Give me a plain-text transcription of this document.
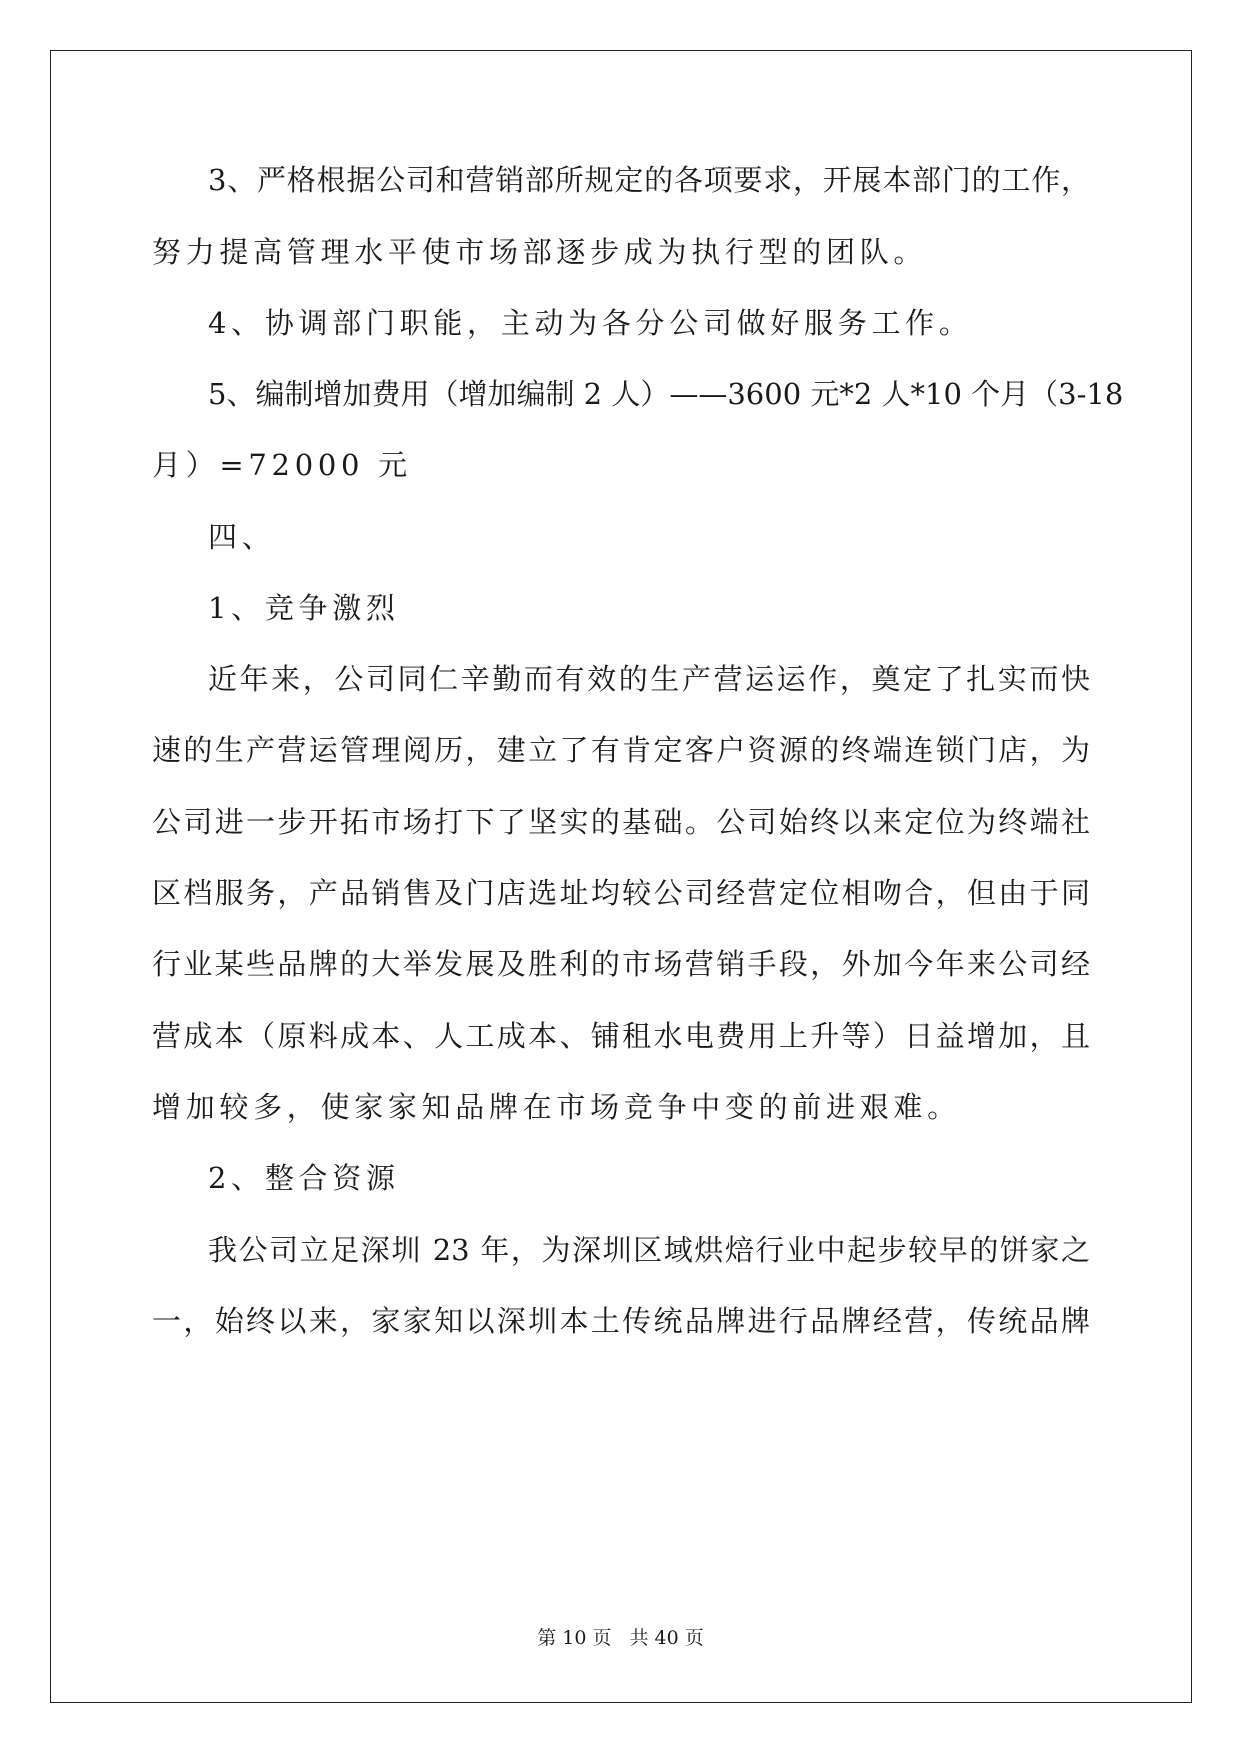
3、严格根据公司和营销部所规定的各项要求，开展本部门的工作，
努力提高管理水平使市场部逐步成为执行型的团队。
4、协调部门职能，主动为各分公司做好服务工作。
5、编制增加费用（增加编制 2 人）——3600 元*2 人*10 个月（3-18
月）=72000 元
四、
1、竞争激烈
近年来，公司同仁辛勤而有效的生产营运运作，奠定了扎实而快
速的生产营运管理阅历，建立了有肯定客户资源的终端连锁门店，为
公司进一步开拓市场打下了坚实的基础。公司始终以来定位为终端社
区档服务，产品销售及门店选址均较公司经营定位相吻合，但由于同
行业某些品牌的大举发展及胜利的市场营销手段，外加今年来公司经
营成本（原料成本、人工成本、铺租水电费用上升等）日益增加，且
增加较多，使家家知品牌在市场竞争中变的前进艰难。
2、整合资源
我公司立足深圳 23 年，为深圳区域烘焙行业中起步较早的饼家之
一，始终以来，家家知以深圳本土传统品牌进行品牌经营，传统品牌
第 10 页 共 40 页
